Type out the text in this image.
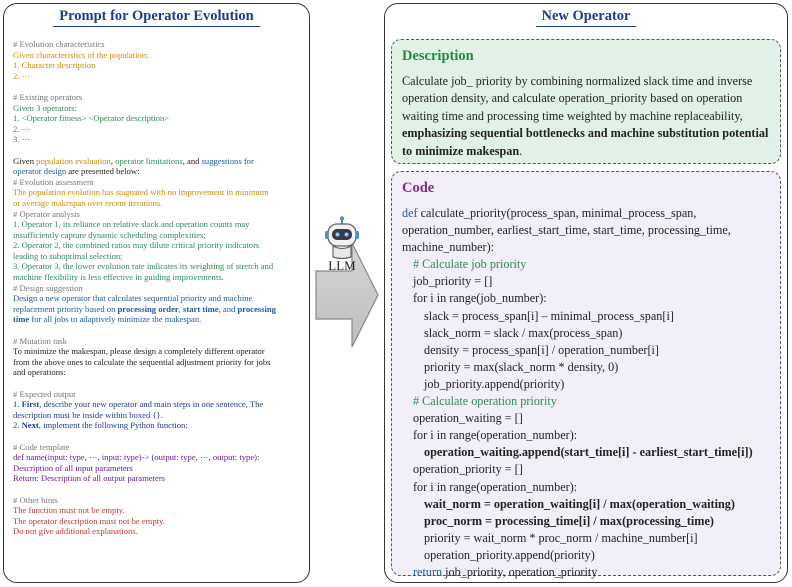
Prompt for Operator Evolution
# Evolution characteristics
Given characteristics of the population:
1. Character description
2. ⋯
# Existing operators
Given 3 operators:
1. <Operator fitness> <Operator description>
2. ⋯
3. ⋯
Given population evaluation, operator limitations, and suggestions for
operator design are presented below:
# Evolution assessment
The population evolution has stagnated with no improvement in minimum
or average makespan over recent iterations.
# Operator analysis
1. Operator 1, its reliance on relative slack and operation counts may
insufficiently capture dynamic scheduling complexities;
2. Operator 2, the combined ratios may dilute critical priority indicators
leading to suboptimal selection;
3. Operator 3, the lower evolution rate indicates its weighting of stretch and
machine flexibility is less effective in guiding improvements.
# Design suggestion
Design a new operator that calculates sequential priority and machine
replacement priority based on processing order, start time, and processing
time for all jobs to adaptively minimize the makespan.
# Mutation task
To minimize the makespan, please design a completely different operator
from the above ones to calculate the sequential adjustment priority for jobs
and operations:
# Expected output
1. First, describe your new operator and main steps in one sentence, The
description must be inside within boxed {}.
2. Next, implement the following Python function:
# Code template
def name(input: type, ⋯, input: type)-> (output: type, ⋯, output: type):
Description of all input parameters
Return: Description of all output parameters
# Other hints
The function must not be empty.
The operator description must not be empty.
Do not give additional explanations.
LLM
New Operator
Description
Calculate job_ priority by combining normalized slack time and inverse operation density, and calculate operation_priority based on operation waiting time and processing time weighted by machine replaceability, emphasizing sequential bottlenecks and machine substitution potential to minimize makespan.
Code
def calculate_priority(process_span, minimal_process_span,
operation_number, earliest_start_time, start_time, processing_time,
machine_number):
# Calculate job priority
job_priority = []
for i in range(job_number):
slack = process_span[i] – minimal_process_span[i]
slack_norm = slack / max(process_span)
density = process_span[i] / operation_number[i]
priority = max(slack_norm * density, 0)
job_priority.append(priority)
# Calculate operation priority
operation_waiting = []
for i in range(operation_number):
operation_waiting.append(start_time[i] - earliest_start_time[i])
operation_priority = []
for i in range(operation_number):
wait_norm = operation_waiting[i] / max(operation_waiting)
proc_norm = processing_time[i] / max(processing_time)
priority = wait_norm * proc_norm / machine_number[i]
operation_priority.append(priority)
return job_priority, operation_priority
